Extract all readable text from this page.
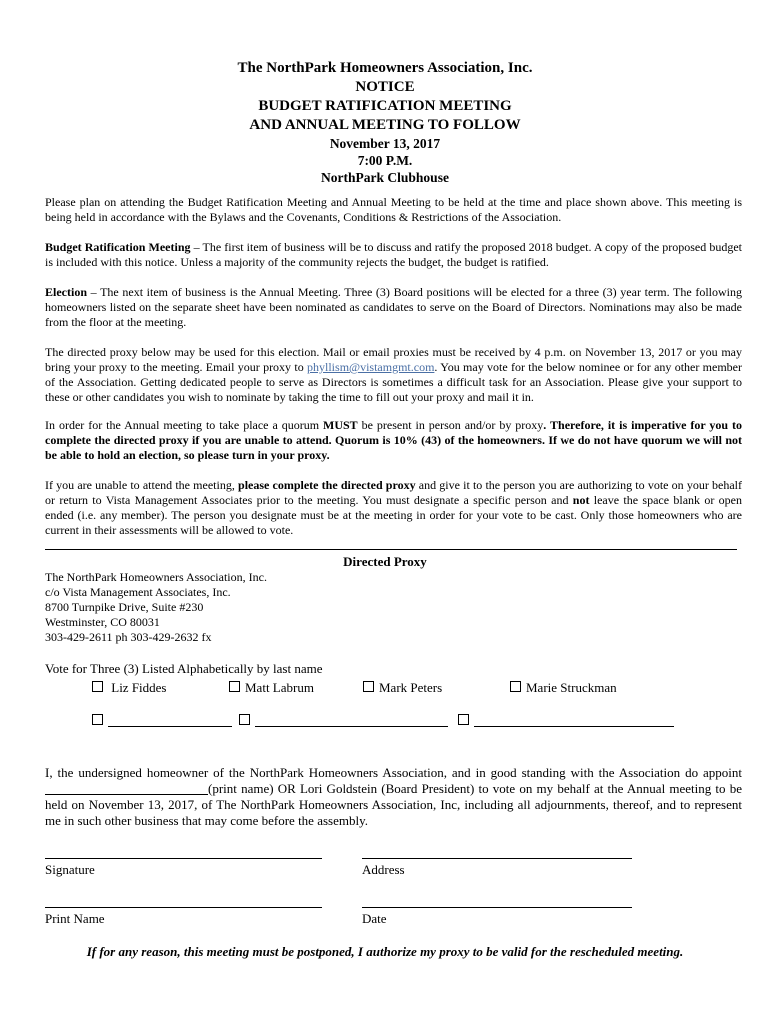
The NorthPark Homeowners Association, Inc.
NOTICE
BUDGET RATIFICATION MEETING
AND ANNUAL MEETING TO FOLLOW
November 13, 2017
7:00 P.M.
NorthPark Clubhouse
Please plan on attending the Budget Ratification Meeting and Annual Meeting to be held at the time and place shown above. This meeting is being held in accordance with the Bylaws and the Covenants, Conditions & Restrictions of the Association.
Budget Ratification Meeting – The first item of business will be to discuss and ratify the proposed 2018 budget. A copy of the proposed budget is included with this notice. Unless a majority of the community rejects the budget, the budget is ratified.
Election – The next item of business is the Annual Meeting. Three (3) Board positions will be elected for a three (3) year term. The following homeowners listed on the separate sheet have been nominated as candidates to serve on the Board of Directors. Nominations may also be made from the floor at the meeting.
The directed proxy below may be used for this election. Mail or email proxies must be received by 4 p.m. on November 13, 2017 or you may bring your proxy to the meeting. Email your proxy to phyllism@vistamgmt.com. You may vote for the below nominee or for any other member of the Association. Getting dedicated people to serve as Directors is sometimes a difficult task for an Association. Please give your support to these or other candidates you wish to nominate by taking the time to fill out your proxy and mail it in.
In order for the Annual meeting to take place a quorum MUST be present in person and/or by proxy. Therefore, it is imperative for you to complete the directed proxy if you are unable to attend. Quorum is 10% (43) of the homeowners. If we do not have quorum we will not be able to hold an election, so please turn in your proxy.
If you are unable to attend the meeting, please complete the directed proxy and give it to the person you are authorizing to vote on your behalf or return to Vista Management Associates prior to the meeting. You must designate a specific person and not leave the space blank or open ended (i.e. any member). The person you designate must be at the meeting in order for your vote to be cast. Only those homeowners who are current in their assessments will be allowed to vote.
Directed Proxy
The NorthPark Homeowners Association, Inc.
c/o Vista Management Associates, Inc.
8700 Turnpike Drive, Suite #230
Westminster, CO 80031
303-429-2611 ph 303-429-2632 fx
Vote for Three (3) Listed Alphabetically by last name
Liz Fiddes	Matt Labrum	Mark Peters	Marie Struckman
I, the undersigned homeowner of the NorthPark Homeowners Association, and in good standing with the Association do appoint (print name) OR Lori Goldstein (Board President) to vote on my behalf at the Annual meeting to be held on November 13, 2017, of The NorthPark Homeowners Association, Inc, including all adjournments, thereof, and to represent me in such other business that may come before the assembly.
Signature	Address
Print Name	Date
If for any reason, this meeting must be postponed, I authorize my proxy to be valid for the rescheduled meeting.
